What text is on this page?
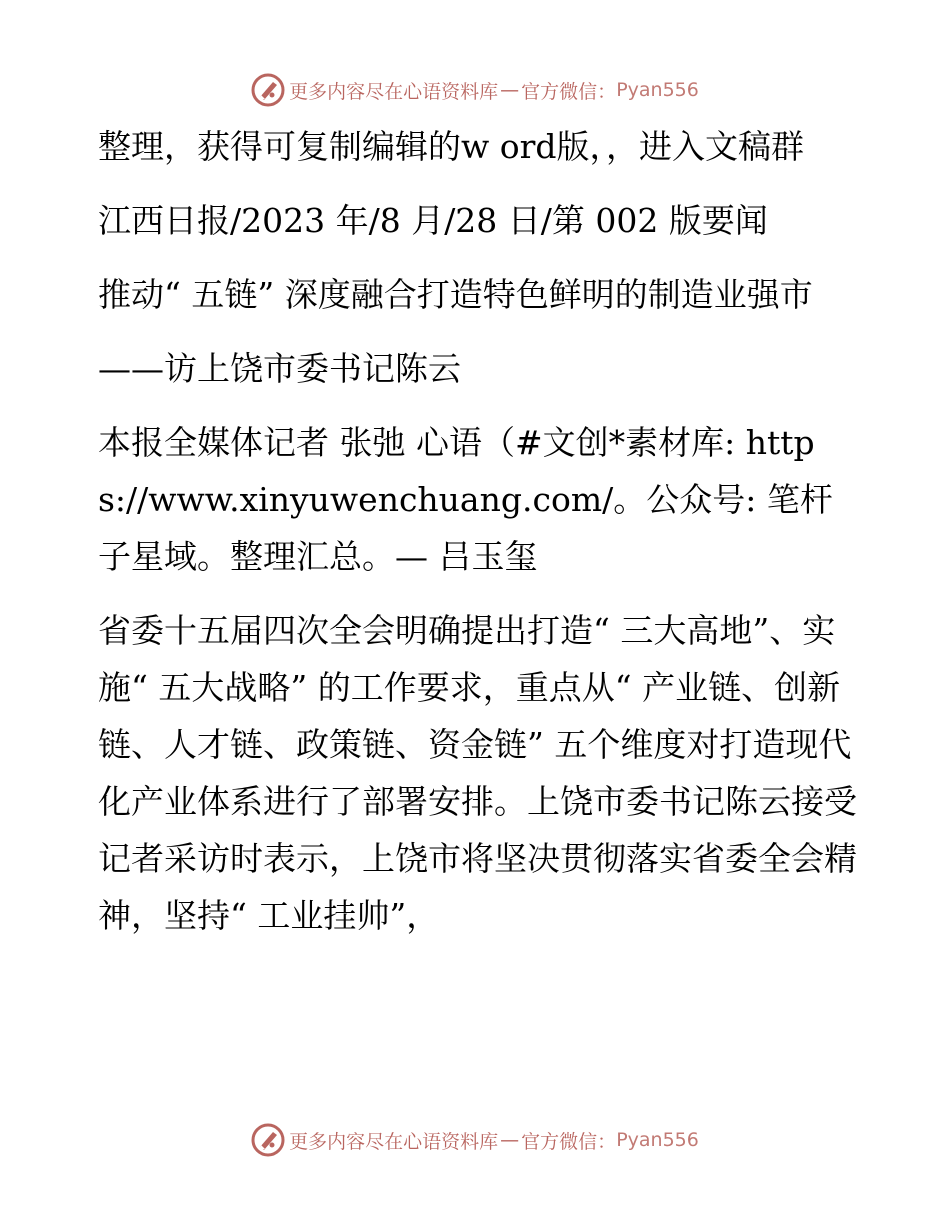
更多内容尽在心语资料库 — 官方微信： Pyan556

整理，获得可复制编辑的w ord版，，进入文稿群

江西日报/2023 年/8 月/28 日/第 002 版要闻

推动“ 五链” 深度融合打造特色鲜明的制造业强市

——访上饶市委书记陈云

本报全媒体记者 张弛 心语（#文创*素材库: https://www.xinyuwenchuang.com/。公众号: 笔杆子星域。整理汇总。— 吕玉玺

省委十五届四次全会明确提出打造“ 三大高地”、实施“ 五大战略” 的工作要求，重点从“ 产业链、创新链、人才链、政策链、资金链” 五个维度对打造现代化产业体系进行了部署安排。上饶市委书记陈云接受记者采访时表示，上饶市将坚决贯彻落实省委全会精神，坚持“ 工业挂帅”，

更多内容尽在心语资料库 — 官方微信： Pyan556
